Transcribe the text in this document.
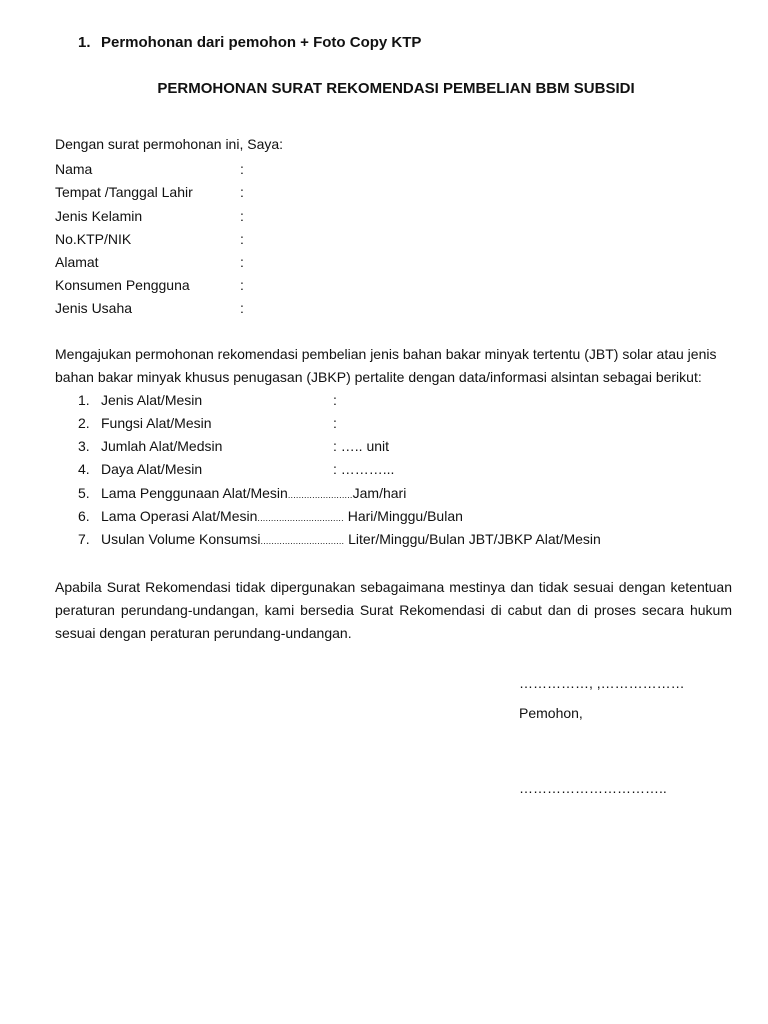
1. Permohonan dari pemohon + Foto Copy KTP
PERMOHONAN SURAT REKOMENDASI PEMBELIAN BBM SUBSIDI
Dengan surat permohonan ini, Saya:
Nama	:
Tempat /Tanggal Lahir	:
Jenis Kelamin	:
No.KTP/NIK	:
Alamat	:
Konsumen Pengguna	:
Jenis Usaha	:
Mengajukan permohonan rekomendasi pembelian jenis bahan bakar minyak tertentu (JBT) solar atau jenis bahan bakar minyak khusus penugasan (JBKP) pertalite dengan data/informasi alsintan sebagai berikut:
1. Jenis Alat/Mesin	:
2. Fungsi Alat/Mesin	:
3. Jumlah Alat/Medsin	: ….. unit
4. Daya Alat/Mesin	: ………...
5. Lama Penggunaan Alat/Mesin........................Jam/hari
6. Lama Operasi Alat/Mesin................................ Hari/Minggu/Bulan
7. Usulan Volume Konsumsi............................... Liter/Minggu/Bulan JBT/JBKP Alat/Mesin
Apabila Surat Rekomendasi tidak dipergunakan sebagaimana mestinya dan tidak sesuai dengan ketentuan peraturan perundang-undangan, kami bersedia Surat Rekomendasi di cabut dan di proses secara hukum sesuai dengan peraturan perundang-undangan.
……………, ,………………
Pemohon,
…………………………..
